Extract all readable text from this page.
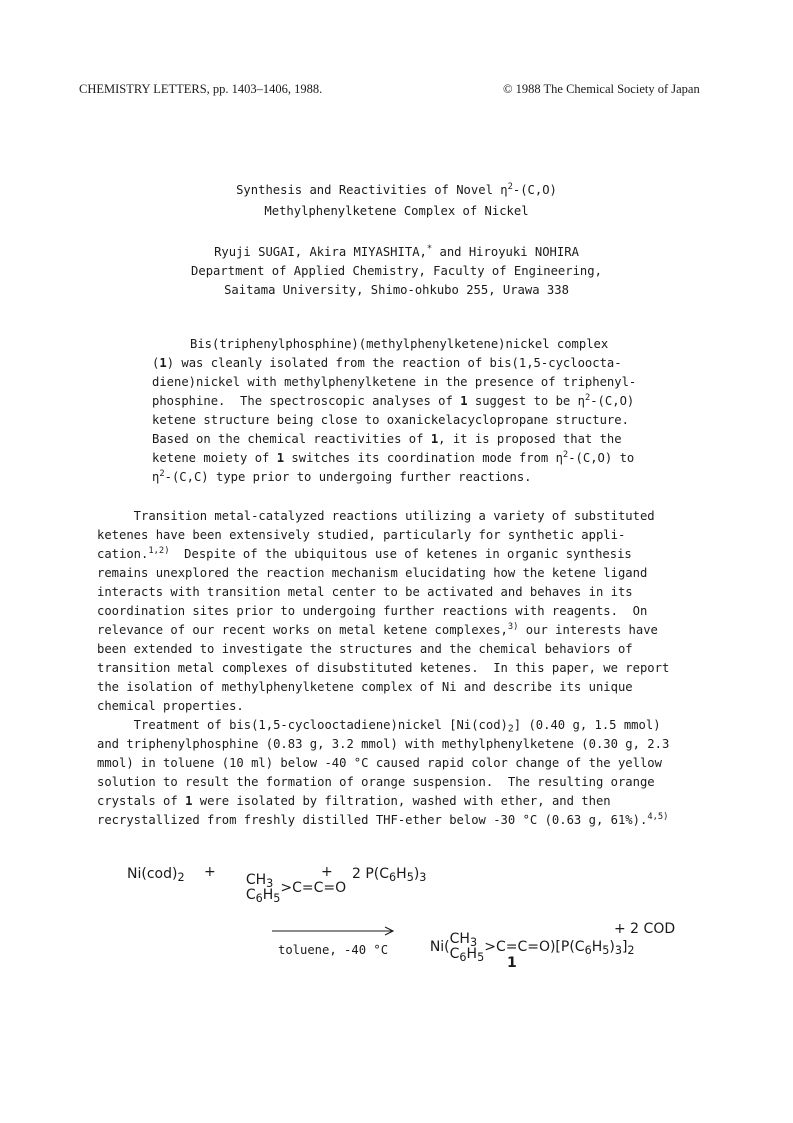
CHEMISTRY LETTERS, pp. 1403–1406, 1988.	© 1988 The Chemical Society of Japan
Synthesis and Reactivities of Novel $\eta^2-(C,O)$
Methylphenylketene Complex of Nickel
Ryuji SUGAI, Akira MIYASHITA,* and Hiroyuki NOHIRA
Department of Applied Chemistry, Faculty of Engineering,
Saitama University, Shimo-ohkubo 255, Urawa 338
Bis(triphenylphosphine)(methylphenylketene)nickel complex
(1) was cleanly isolated from the reaction of bis(1,5-cycloocta-
diene)nickel with methylphenylketene in the presence of triphenyl-
phosphine.  The spectroscopic analyses of 1 suggest to be $\eta^2-(C,O)$
ketene structure being close to oxanickelacyclopropane structure.
Based on the chemical reactivities of 1, it is proposed that the
ketene moiety of 1 switches its coordination mode from $\eta^2-(C,O)$ to
$\eta^2-(C,C)$ type prior to undergoing further reactions.
Transition metal-catalyzed reactions utilizing a variety of substituted
ketenes have been extensively studied, particularly for synthetic appli-
cation.$^{1,2)}$  Despite of the ubiquitous use of ketenes in organic synthesis
remains unexplored the reaction mechanism elucidating how the ketene ligand
interacts with transition metal center to be activated and behaves in its
coordination sites prior to undergoing further reactions with reagents.  On
relevance of our recent works on metal ketene complexes,$^{3)}$ our interests have
been extended to investigate the structures and the chemical behaviors of
transition metal complexes of disubstituted ketenes.  In this paper, we report
the isolation of methylphenylketene complex of Ni and describe its unique
chemical properties.
Treatment of bis(1,5-cyclooctadiene)nickel $[Ni(cod)_2]$ (0.40 g, 1.5 mmol)
and triphenylphosphine (0.83 g, 3.2 mmol) with methylphenylketene (0.30 g, 2.3
mmol) in toluene (10 ml) below -40 °C caused rapid color change of the yellow
solution to result the formation of orange suspension.  The resulting orange
crystals of 1 were isolated by filtration, washed with ether, and then
recrystallized from freshly distilled THF-ether below -30 °C (0.63 g, 61%).$^{4,5)}$
$Ni(cod)_2$ +	$CH_3$
$C_6H_5>C=C=O$

+ 2 $P(C_6H_5)_3$
toluene, -40 °C	$Ni(CH_3$
$C_6H_5>C=C=O)[P(C_6H_5)_3]_2$

+ 2 COD
1
